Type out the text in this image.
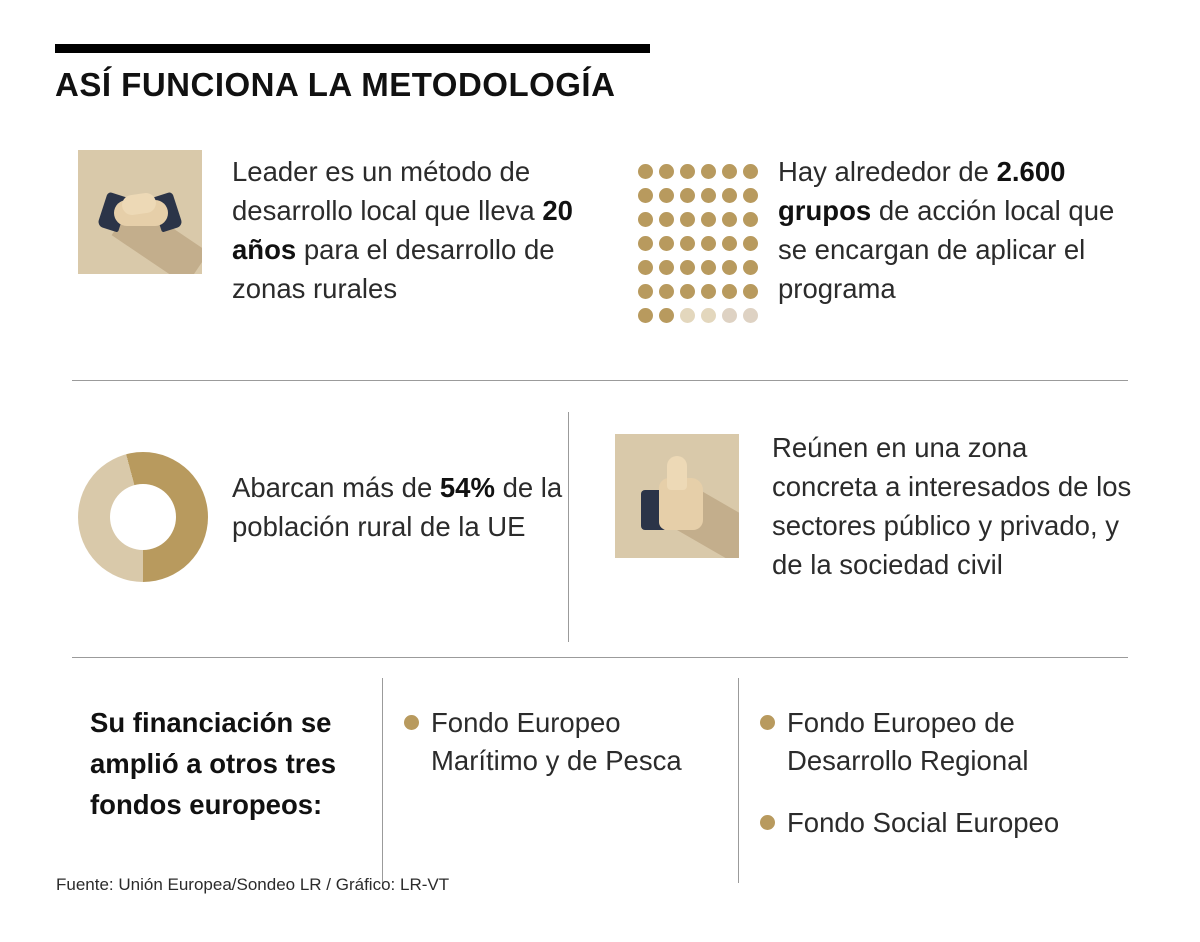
ASÍ FUNCIONA LA METODOLOGÍA
Leader es un método de desarrollo local que lleva 20 años para el desarrollo de zonas rurales
Hay alrededor de 2.600 grupos de acción local que se encargan de aplicar el programa
Abarcan más de 54% de la población rural de la UE
Reúnen en una zona concreta a interesados de los sectores público y privado, y de la sociedad civil
Su financiación se amplió a otros tres fondos europeos:
Fondo Europeo Marítimo y de Pesca
Fondo Europeo de Desarrollo Regional
Fondo Social Europeo
Fuente: Unión Europea/Sondeo LR / Gráfico: LR-VT
